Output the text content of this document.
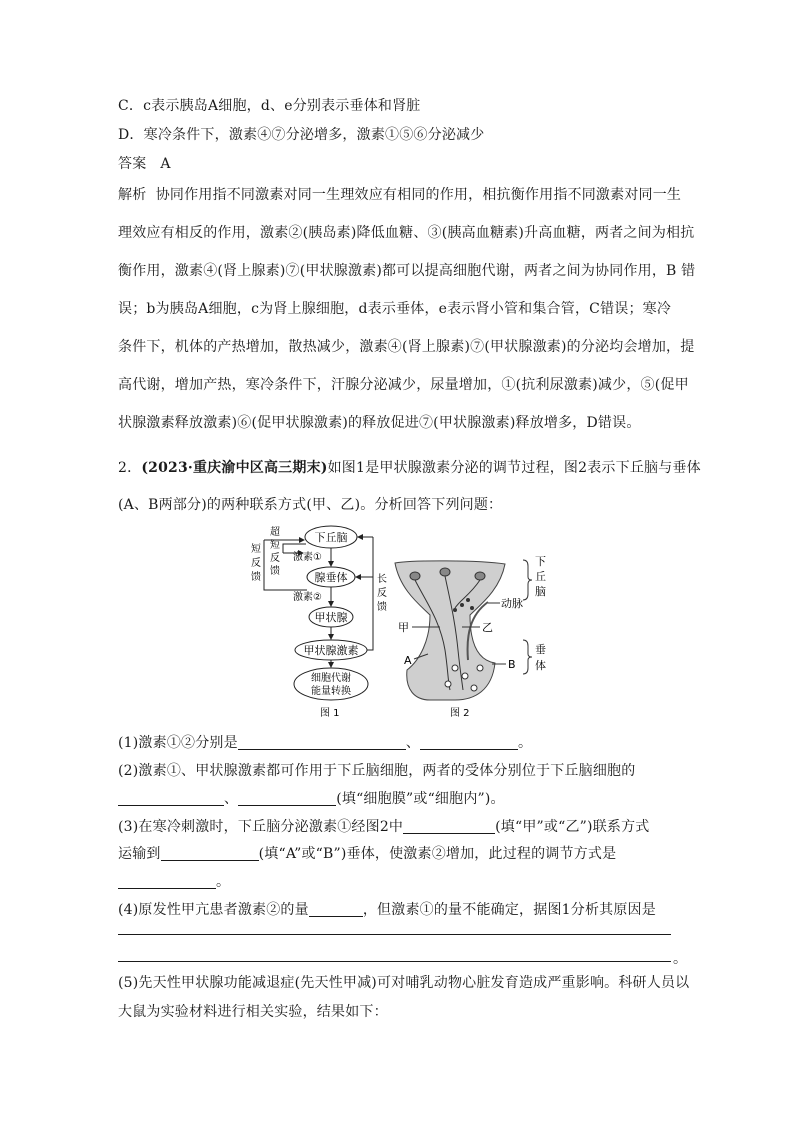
C．c表示胰岛A细胞，d、e分别表示垂体和肾脏
D．寒冷条件下，激素④⑦分泌增多，激素①⑤⑥分泌减少
答案 A
解析 协同作用指不同激素对同一生理效应有相同的作用，相抗衡作用指不同激素对同一生
理效应有相反的作用，激素②(胰岛素)降低血糖、③(胰高血糖素)升高血糖，两者之间为相抗
衡作用，激素④(肾上腺素)⑦(甲状腺激素)都可以提高细胞代谢，两者之间为协同作用，B 错
误；b为胰岛A细胞，c为肾上腺细胞，d表示垂体，e表示肾小管和集合管，C错误；寒冷
条件下，机体的产热增加，散热减少，激素④(肾上腺素)⑦(甲状腺激素)的分泌均会增加，提
高代谢，增加产热，寒冷条件下，汗腺分泌减少，尿量增加，①(抗利尿激素)减少，⑤(促甲
状腺激素释放激素)⑥(促甲状腺激素)的释放促进⑦(甲状腺激素)释放增多，D错误。
2．(2023·重庆渝中区高三期末)如图1是甲状腺激素分泌的调节过程，图2表示下丘脑与垂体
(A、B两部分)的两种联系方式(甲、乙)。分析回答下列问题：
下丘脑
腺垂体
甲状腺
甲状腺激素
细胞代谢
能量转换
激素①
激素②
超
短
反
馈
短
反
馈	长
反
馈
图 1
动脉
甲	乙
A	B
下
丘
脑
垂
体
图 2
(1)激素①②分别是	、	。
(2)激素①、甲状腺激素都可作用于下丘脑细胞，两者的受体分别位于下丘脑细胞的
、	(填“细胞膜”或“细胞内”)。
(3)在寒冷刺激时，下丘脑分泌激素①经图2中	(填“甲”或“乙”)联系方式
运输到	(填“A”或“B”)垂体，使激素②增加，此过程的调节方式是
。
(4)原发性甲亢患者激素②的量	，但激素①的量不能确定，据图1分析其原因是
。
(5)先天性甲状腺功能减退症(先天性甲减)可对哺乳动物心脏发育造成严重影响。科研人员以
大鼠为实验材料进行相关实验，结果如下：
